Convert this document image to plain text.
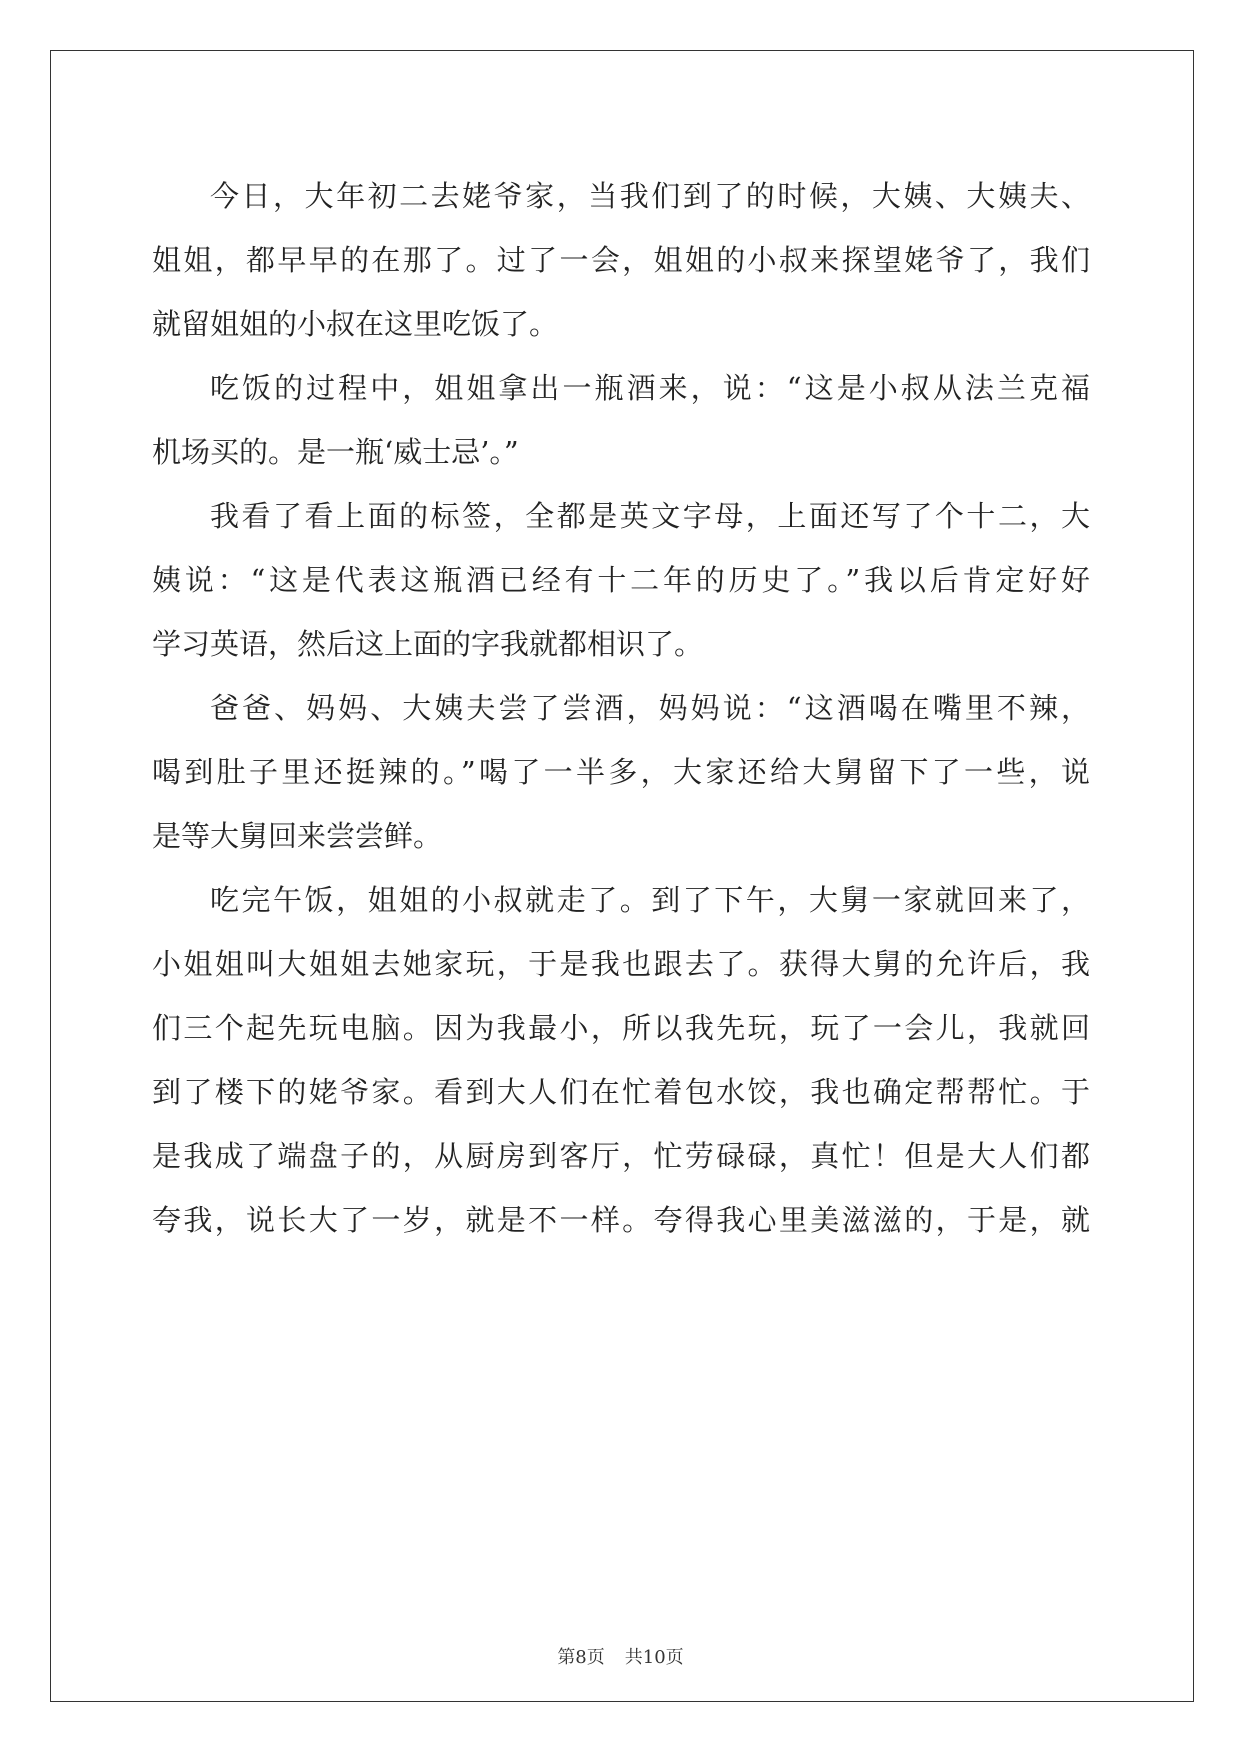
今日，大年初二去姥爷家，当我们到了的时候，大姨、大姨夫、
姐姐，都早早的在那了。过了一会，姐姐的小叔来探望姥爷了，我们
就留姐姐的小叔在这里吃饭了。
吃饭的过程中，姐姐拿出一瓶酒来，说：“这是小叔从法兰克福
机场买的。是一瓶‘威士忌’。”
我看了看上面的标签，全都是英文字母，上面还写了个十二，大
姨说：“这是代表这瓶酒已经有十二年的历史了。”我以后肯定好好
学习英语，然后这上面的字我就都相识了。
爸爸、妈妈、大姨夫尝了尝酒，妈妈说：“这酒喝在嘴里不辣，
喝到肚子里还挺辣的。”喝了一半多，大家还给大舅留下了一些，说
是等大舅回来尝尝鲜。
吃完午饭，姐姐的小叔就走了。到了下午，大舅一家就回来了，
小姐姐叫大姐姐去她家玩，于是我也跟去了。获得大舅的允许后，我
们三个起先玩电脑。因为我最小，所以我先玩，玩了一会儿，我就回
到了楼下的姥爷家。看到大人们在忙着包水饺，我也确定帮帮忙。于
是我成了端盘子的，从厨房到客厅，忙劳碌碌，真忙！但是大人们都
夸我，说长大了一岁，就是不一样。夸得我心里美滋滋的，于是，就
第8页 共10页
